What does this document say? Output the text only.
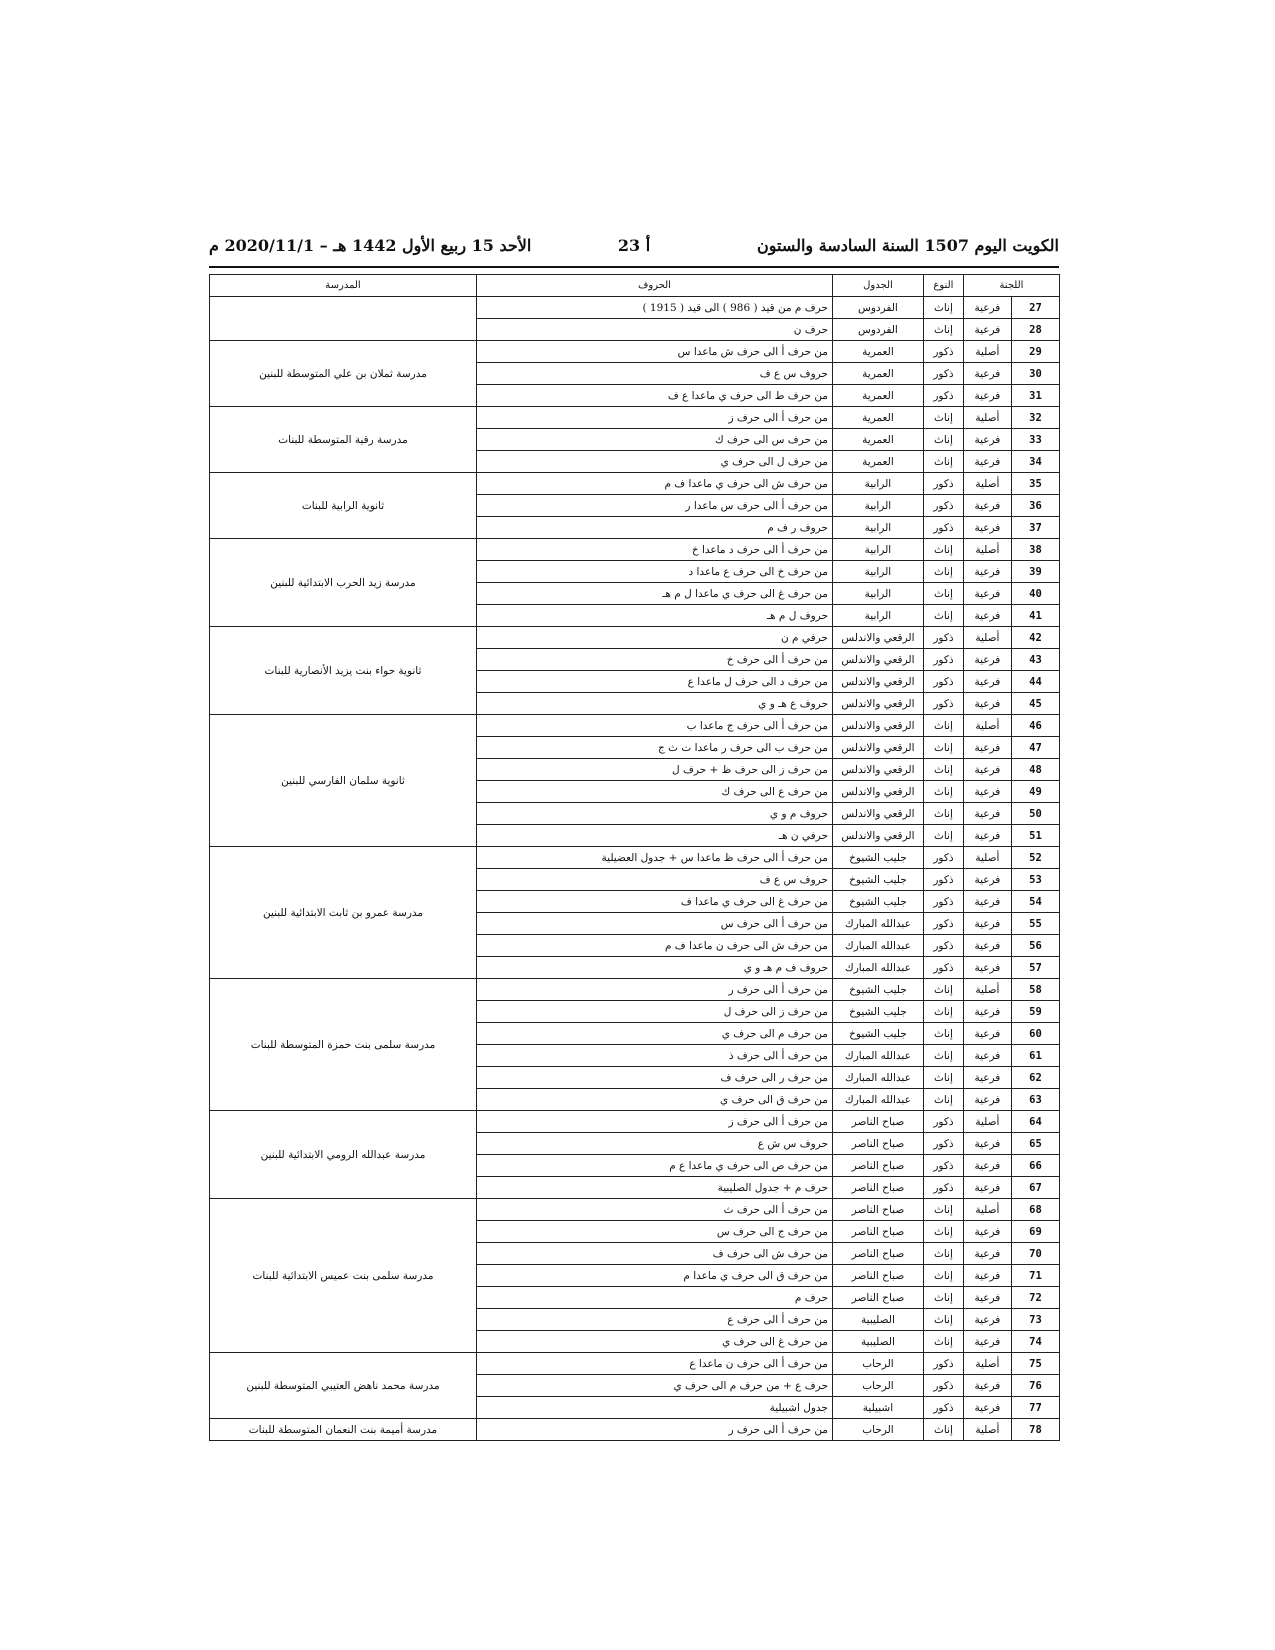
الكويت اليوم 1507 السنة السادسة والستون
أ 23
الأحد 15 ربيع الأول 1442 هـ – 2020/11/1 م
اللجنة		النوع	الجدول	الحروف	المدرسة
27	فرعية	إناث	الفردوس	حرف م من قيد ( 986 ) الى قيد ( 1915 )	
28	فرعية	إناث	الفردوس	حرف ن	
29	أصلية	ذكور	العمرية	من حرف أ الى حرف ش ماعدا س	مدرسة ثملان بن علي المتوسطة للبنين
30	فرعية	ذكور	العمرية	حروف س ع ف	
31	فرعية	ذكور	العمرية	من حرف ط الى حرف ي ماعدا ع ف	
32	أصلية	إناث	العمرية	من حرف أ الى حرف ز	مدرسة رقية المتوسطة للبنات
33	فرعية	إناث	العمرية	من حرف س الى حرف ك	
34	فرعية	إناث	العمرية	من حرف ل الى حرف ي	
35	أصلية	ذكور	الرابية	من حرف ش الى حرف ي ماعدا ف م	ثانوية الرابية للبنات
36	فرعية	ذكور	الرابية	من حرف أ الى حرف س ماعدا ر	
37	فرعية	ذكور	الرابية	حروف ر ف م	
38	أصلية	إناث	الرابية	من حرف أ الى حرف د ماعدا خ	مدرسة زيد الحرب الابتدائية للبنين
39	فرعية	إناث	الرابية	من حرف خ الى حرف ع ماعدا د	
40	فرعية	إناث	الرابية	من حرف غ الى حرف ي ماعدا ل م هـ	
41	فرعية	إناث	الرابية	حروف ل م هـ	
42	أصلية	ذكور	الرقعي والاندلس	حرفي م ن	ثانوية حواء بنت يزيد الأنصارية للبنات
43	فرعية	ذكور	الرقعي والاندلس	من حرف أ الى حرف خ	
44	فرعية	ذكور	الرقعي والاندلس	من حرف د الى حرف ل ماعدا ع	
45	فرعية	ذكور	الرقعي والاندلس	حروف ع هـ و ي	
46	أصلية	إناث	الرقعي والاندلس	من حرف أ الى حرف ج ماعدا ب	ثانوية سلمان الفارسي للبنين
47	فرعية	إناث	الرقعي والاندلس	من حرف ب الى حرف ر ماعدا ت ث ج	
48	فرعية	إناث	الرقعي والاندلس	من حرف ز الى حرف ظ + حرف ل	
49	فرعية	إناث	الرقعي والاندلس	من حرف ع الى حرف ك	
50	فرعية	إناث	الرقعي والاندلس	حروف م و ي	
51	فرعية	إناث	الرقعي والاندلس	حرفي ن هـ	
52	أصلية	ذكور	جليب الشيوخ	من حرف أ الى حرف ظ ماعدا س + جدول العضيلية	مدرسة عمرو بن ثابت الابتدائية للبنين
53	فرعية	ذكور	جليب الشيوخ	حروف س ع ف	
54	فرعية	ذكور	جليب الشيوخ	من حرف غ الى حرف ي ماعدا ف	
55	فرعية	ذكور	عبدالله المبارك	من حرف أ الى حرف س	
56	فرعية	ذكور	عبدالله المبارك	من حرف ش الى حرف ن ماعدا ف م	
57	فرعية	ذكور	عبدالله المبارك	حروف ف م هـ و ي	
58	أصلية	إناث	جليب الشيوخ	من حرف أ الى حرف ر	مدرسة سلمى بنت حمزة المتوسطة للبنات
59	فرعية	إناث	جليب الشيوخ	من حرف ز الى حرف ل	
60	فرعية	إناث	جليب الشيوخ	من حرف م الى حرف ي	
61	فرعية	إناث	عبدالله المبارك	من حرف أ الى حرف ذ	
62	فرعية	إناث	عبدالله المبارك	من حرف ر الى حرف ف	
63	فرعية	إناث	عبدالله المبارك	من حرف ق الى حرف ي	
64	أصلية	ذكور	صباح الناصر	من حرف أ الى حرف ز	مدرسة عبدالله الرومي الابتدائية للبنين
65	فرعية	ذكور	صباح الناصر	حروف س ش ع	
66	فرعية	ذكور	صباح الناصر	من حرف ص الى حرف ي ماعدا ع م	
67	فرعية	ذكور	صباح الناصر	حرف م + جدول الصليبية	
68	أصلية	إناث	صباح الناصر	من حرف أ الى حرف ث	مدرسة سلمى بنت عميس الابتدائية للبنات
69	فرعية	إناث	صباح الناصر	من حرف ج الى حرف س	
70	فرعية	إناث	صباح الناصر	من حرف ش الى حرف ف	
71	فرعية	إناث	صباح الناصر	من حرف ق الى حرف ي ماعدا م	
72	فرعية	إناث	صباح الناصر	حرف م	
73	فرعية	إناث	الصليبية	من حرف أ الى حرف ع	
74	فرعية	إناث	الصليبية	من حرف غ الى حرف ي	
75	أصلية	ذكور	الرحاب	من حرف أ الى حرف ن ماعدا ع	مدرسة محمد ناهض العتيبي المتوسطة للبنين
76	فرعية	ذكور	الرحاب	حرف ع + من حرف م الى حرف ي	
77	فرعية	ذكور	اشبيلية	جدول اشبيلية	
78	أصلية	إناث	الرحاب	من حرف أ الى حرف ر	مدرسة أميمة بنت النعمان المتوسطة للبنات
